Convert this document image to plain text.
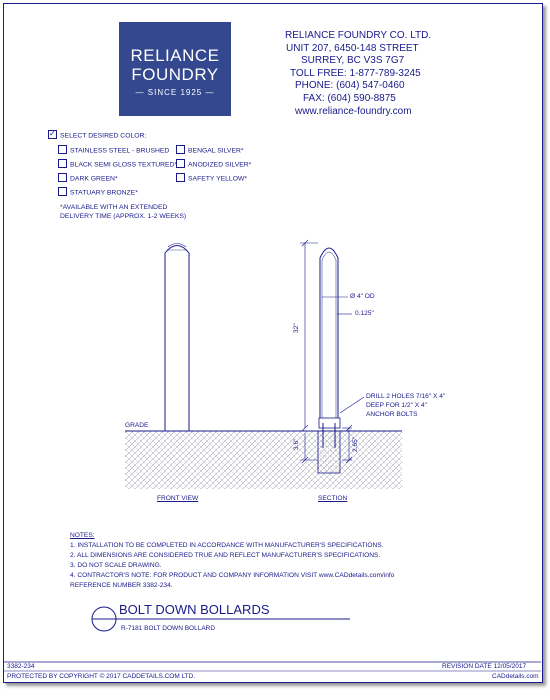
RELIANCE
FOUNDRY
— SINCE 1925 —
RELIANCE FOUNDRY CO. LTD.
UNIT 207, 6450-148 STREET
SURREY, BC V3S 7G7
TOLL FREE: 1-877-789-3245
PHONE: (604) 547-0460
FAX: (604) 590-8875
www.reliance-foundry.com
✓ SELECT DESIRED COLOR:
STAINLESS STEEL - BRUSHED
BLACK SEMI GLOSS TEXTURED*
DARK GREEN*
STATUARY BRONZE*
BENGAL SILVER*
ANODIZED SILVER*
SAFETY YELLOW*
*AVAILABLE WITH AN EXTENDED
DELIVERY TIME (APPROX. 1-2 WEEKS)
GRADE
32"
3.6"	2.65"
Ø 4" OD
0.125"
DRILL 2 HOLES 7/16" X 4"
DEEP FOR 1/2" X 4"
ANCHOR BOLTS
FRONT VIEW	SECTION
NOTES:
1. INSTALLATION TO BE COMPLETED IN ACCORDANCE WITH MANUFACTURER'S SPECIFICATIONS.
2. ALL DIMENSIONS ARE CONSIDERED TRUE AND REFLECT MANUFACTURER'S SPECIFICATIONS.
3. DO NOT SCALE DRAWING.
4. CONTRACTOR'S NOTE: FOR PRODUCT AND COMPANY INFORMATION VISIT www.CADdetails.com/info
REFERENCE NUMBER 3382-234.
BOLT DOWN BOLLARDS
R-7181 BOLT DOWN BOLLARD
3382-234	REVISION DATE 12/05/2017
PROTECTED BY COPYRIGHT © 2017 CADDETAILS.COM LTD.	CADdetails.com
